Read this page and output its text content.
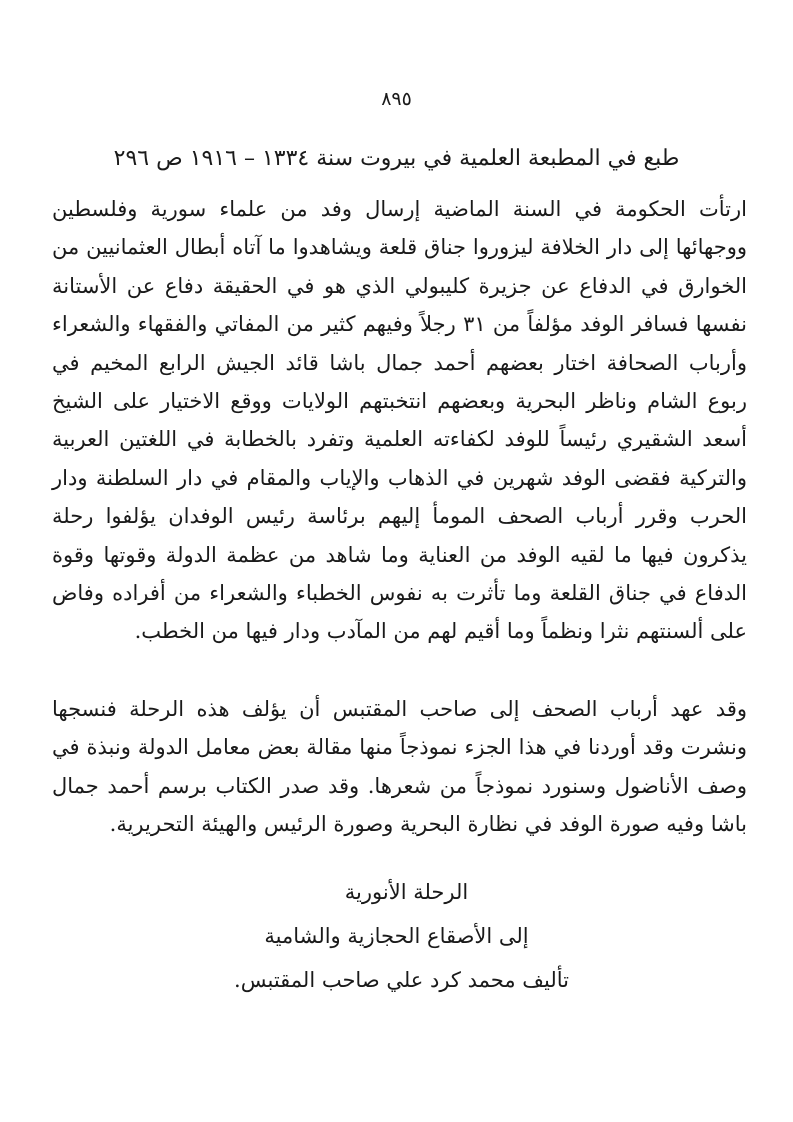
٨٩٥
طبع في المطبعة العلمية في بيروت سنة ١٣٣٤ – ١٩١٦ ص ٢٩٦
ارتأت الحكومة في السنة الماضية إرسال وفد من علماء سورية وفلسطين ووجهائها إلى دار الخلافة ليزوروا جناق قلعة ويشاهدوا ما آتاه أبطال العثمانيين من الخوارق في الدفاع عن جزيرة كليبولي الذي هو في الحقيقة دفاع عن الأستانة نفسها فسافر الوفد مؤلفاً من ٣١ رجلاً وفيهم كثير من المفاتي والفقهاء والشعراء وأرباب الصحافة اختار بعضهم أحمد جمال باشا قائد الجيش الرابع المخيم في ربوع الشام وناظر البحرية وبعضهم انتخبتهم الولايات ووقع الاختيار على الشيخ أسعد الشقيري رئيساً للوفد لكفاءته العلمية وتفرد بالخطابة في اللغتين العربية والتركية فقضى الوفد شهرين في الذهاب والإياب والمقام في دار السلطنة ودار الحرب وقرر أرباب الصحف المومأ إليهم برئاسة رئيس الوفدان يؤلفوا رحلة يذكرون فيها ما لقيه الوفد من العناية وما شاهد من عظمة الدولة وقوتها وقوة الدفاع في جناق القلعة وما تأثرت به نفوس الخطباء والشعراء من أفراده وفاض على ألسنتهم نثرا ونظماً وما أقيم لهم من المآدب ودار فيها من الخطب.
وقد عهد أرباب الصحف إلى صاحب المقتبس أن يؤلف هذه الرحلة فنسجها ونشرت وقد أوردنا في هذا الجزء نموذجاً منها مقالة بعض معامل الدولة ونبذة في وصف الأناضول وسنورد نموذجاً من شعرها. وقد صدر الكتاب برسم أحمد جمال باشا وفيه صورة الوفد في نظارة البحرية وصورة الرئيس والهيئة التحريرية.
الرحلة الأنورية
إلى الأصقاع الحجازية والشامية
تأليف محمد كرد علي صاحب المقتبس.
